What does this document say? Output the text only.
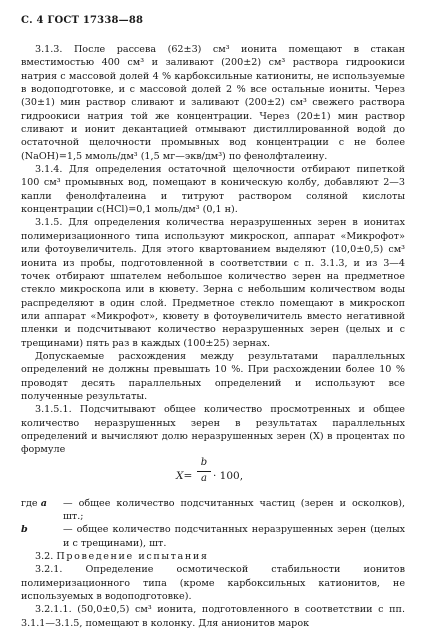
С. 4 ГОСТ 17338—88

3.1.3. После рассева (62±3) см³ ионита помещают в стакан вместимостью 400 см³ и заливают (200±2) см³ раствора гидроокиси натрия с массовой долей 4 % карбоксильные катиониты, не используемые в водоподготовке, и с массовой долей 2 % все остальные иониты. Через (30±1) мин раствор сливают и заливают (200±2) см³ свежего раствора гидроокиси натрия той же концентрации. Через (20±1) мин раствор сливают и ионит декантацией отмывают дистиллированной водой до остаточной щелочности промывных вод концентрации с не более (NaOH)=1,5 ммоль/дм³ (1,5 мг—экв/дм³) по фенолфталеину.

3.1.4. Для определения остаточной щелочности отбирают пипеткой 100 см³ промывных вод, помещают в коническую колбу, добавляют 2—3 капли фенолфталеина и титруют раствором соляной кислоты концентрации с(HCl)=0,1 моль/дм³ (0,1 н).

3.1.5. Для определения количества неразрушенных зерен в ионитах полимеризационного типа используют микроскоп, аппарат «Микрофот» или фотоувеличитель. Для этого квартованием выделяют (10,0±0,5) см³ ионита из пробы, подготовленной в соответствии с п. 3.1.3, и из 3—4 точек отбирают шпателем небольшое количество зерен на предметное стекло микроскопа или в кювету. Зерна с небольшим количеством воды распределяют в один слой. Предметное стекло помещают в микроскоп или аппарат «Микрофот», кювету в фотоувеличитель вместо негативной пленки и подсчитывают количество неразрушенных зерен (целых и с трещинами) пять раз в каждых (100±25) зернах.

Допускаемые расхождения между результатами параллельных определений не должны превышать 10 %. При расхождении более 10 % проводят десять параллельных определений и используют все полученные результаты.

3.1.5.1. Подсчитывают общее количество просмотренных и общее количество неразрушенных зерен в результатах параллельных определений и вычисляют долю неразрушенных зерен (X) в процентах по формуле

X=
b
a · 100,
где a	— общее количество подсчитанных частиц (зерен и осколков), шт.;
b	— общее количество подсчитанных неразрушенных зерен (целых и с трещинами), шт.

3.2. Проведение испытания

3.2.1. Определение осмотической стабильности ионитов полимеризационного типа (кроме карбоксильных катионитов, не используемых в водоподготовке).

3.2.1.1. (50,0±0,5) см³ ионита, подготовленного в соответствии с пп. 3.1.1—3.1.5, помещают в колонку. Для анионитов марок
